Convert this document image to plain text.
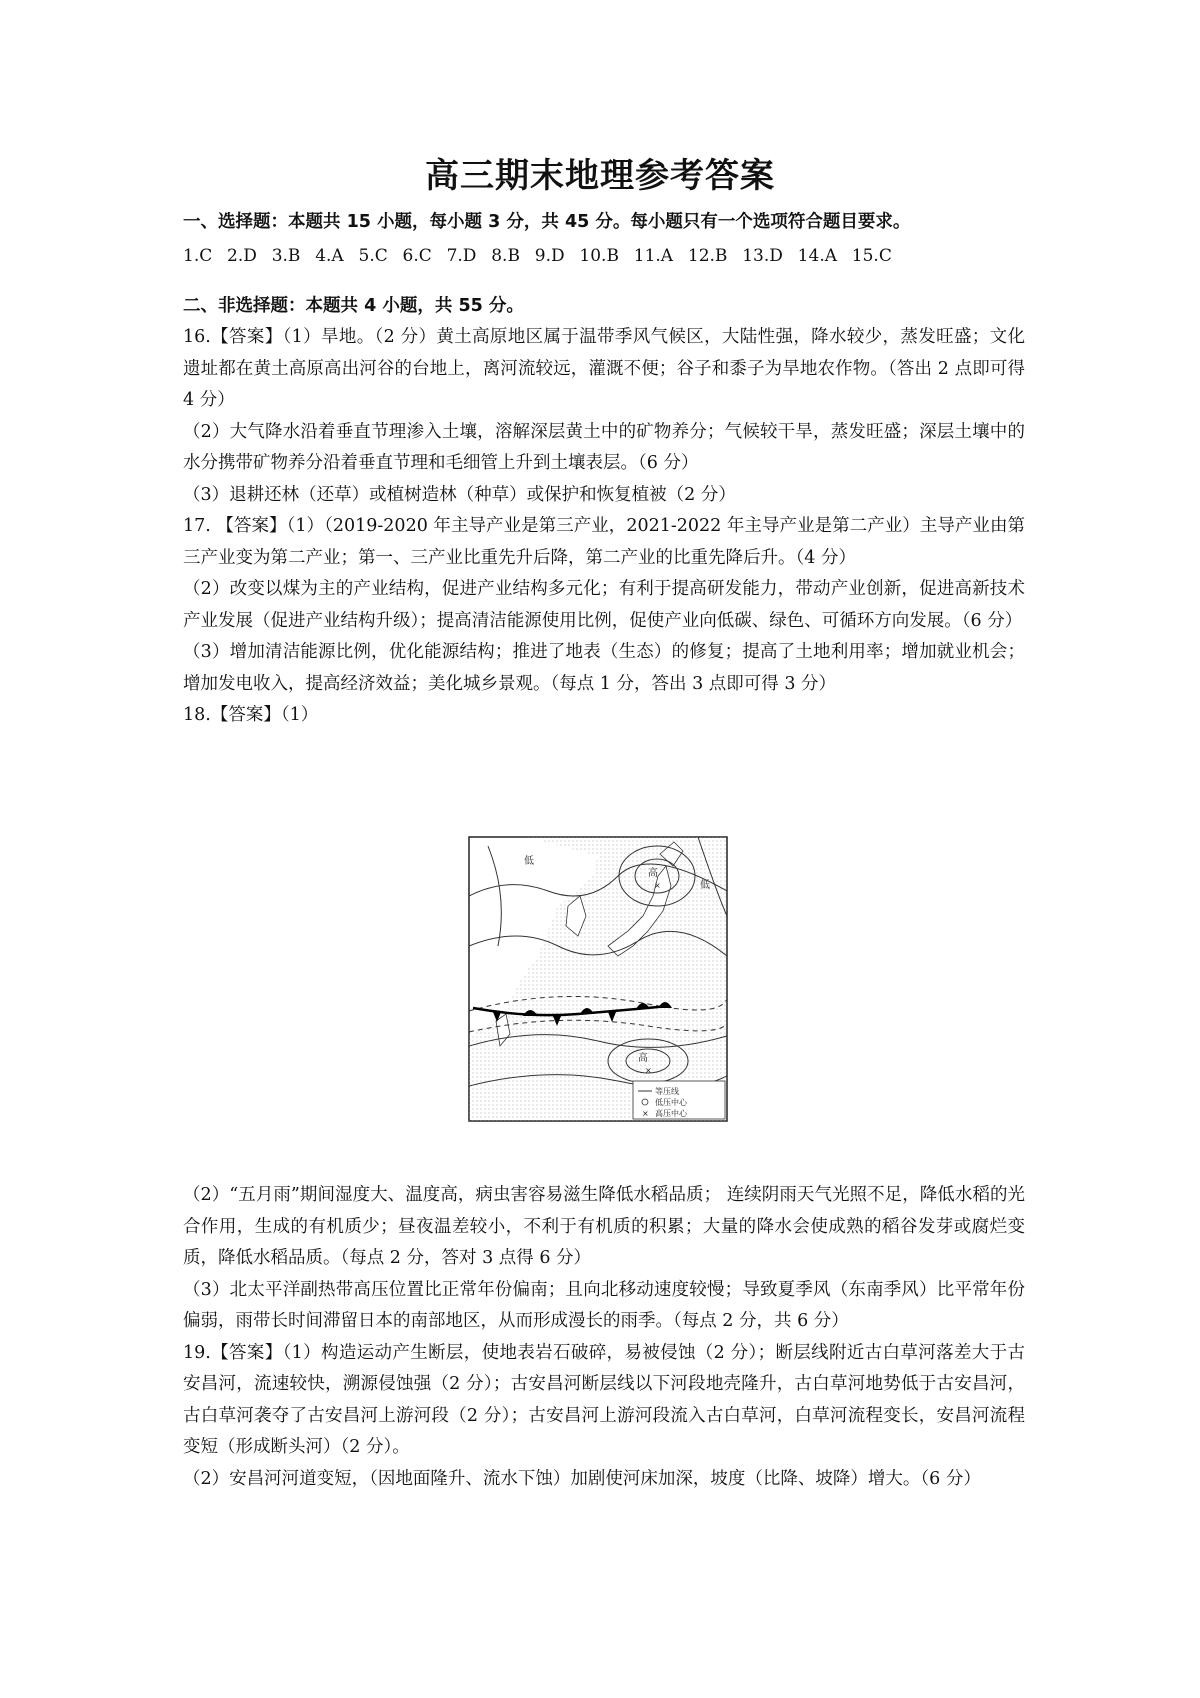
高三期末地理参考答案
一、选择题：本题共 15 小题，每小题 3 分，共 45 分。每小题只有一个选项符合题目要求。
1.C  2.D  3.B  4.A  5.C  6.C  7.D  8.B  9.D  10.B  11.A  12.B  13.D  14.A  15.C
二、非选择题：本题共 4 小题，共 55 分。

16.【答案】（1）旱地。（2 分）黄土高原地区属于温带季风气候区，大陆性强，降水较少，蒸发旺盛；文化遗址都在黄土高原高出河谷的台地上，离河流较远，灌溉不便；谷子和黍子为旱地农作物。（答出 2 点即可得 4 分）

（2）大气降水沿着垂直节理渗入土壤，溶解深层黄土中的矿物养分；气候较干旱，蒸发旺盛；深层土壤中的水分携带矿物养分沿着垂直节理和毛细管上升到土壤表层。（6 分）

（3）退耕还林（还草）或植树造林（种草）或保护和恢复植被（2 分）

17. 【答案】（1）（2019-2020 年主导产业是第三产业，2021-2022 年主导产业是第二产业）主导产业由第三产业变为第二产业；第一、三产业比重先升后降，第二产业的比重先降后升。（4 分）

（2）改变以煤为主的产业结构，促进产业结构多元化；有利于提高研发能力，带动产业创新，促进高新技术产业发展（促进产业结构升级）；提高清洁能源使用比例，促使产业向低碳、绿色、可循环方向发展。（6 分）

（3）增加清洁能源比例，优化能源结构；推进了地表（生态）的修复；提高了土地利用率；增加就业机会；增加发电收入，提高经济效益；美化城乡景观。（每点 1 分，答出 3 点即可得 3 分）

18.【答案】（1）

低
低
高
×
高
×
等压线
低压中心
× 高压中心

（2）“五月雨”期间湿度大、温度高，病虫害容易滋生降低水稻品质； 连续阴雨天气光照不足，降低水稻的光合作用，生成的有机质少；昼夜温差较小，不利于有机质的积累；大量的降水会使成熟的稻谷发芽或腐烂变质，降低水稻品质。（每点 2 分，答对 3 点得 6 分）

（3）北太平洋副热带高压位置比正常年份偏南；且向北移动速度较慢；导致夏季风（东南季风）比平常年份偏弱，雨带长时间滞留日本的南部地区，从而形成漫长的雨季。（每点 2 分，共 6 分）

19.【答案】（1）构造运动产生断层，使地表岩石破碎，易被侵蚀（2 分）；断层线附近古白草河落差大于古安昌河，流速较快，溯源侵蚀强（2 分）；古安昌河断层线以下河段地壳隆升，古白草河地势低于古安昌河，古白草河袭夺了古安昌河上游河段（2 分）；古安昌河上游河段流入古白草河，白草河流程变长，安昌河流程变短（形成断头河）（2 分）。

（2）安昌河河道变短，（因地面隆升、流水下蚀）加剧使河床加深，坡度（比降、坡降）增大。（6 分）
